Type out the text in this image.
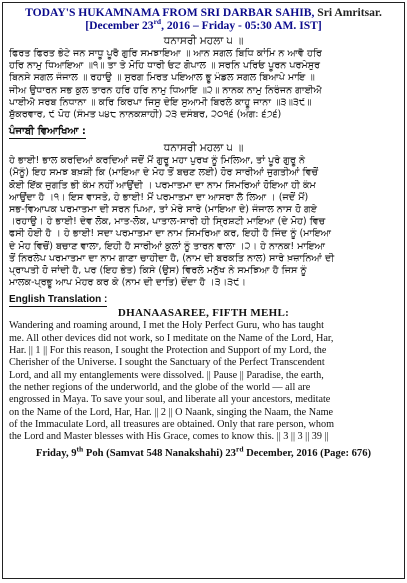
TODAY'S HUKAMNAMA FROM SRI DARBAR SAHIB, Sri Amritsar.
[December 23rd, 2016 – Friday - 05:30 AM. IST]
ਧਨਾਸਰੀ ਮਹਲਾ ੫ ॥
ਫਿਰਤ ਫਿਰਤ ਭੇਟੇ ਜਨ ਸਾਧੂ ਪੂਰੈ ਗੁਰਿ ਸਮਝਾਇਆ ॥ ਆਨ ਸਗਲ ਬਿਧਿ ਕਾਂਮਿ ਨ ਆਵੈ ਹਰਿ
ਹਰਿ ਨਾਮੁ ਧਿਆਇਆ ॥੧॥ ਤਾ ਤੇ ਮੋਹਿ ਧਾਰੀ ਓਟ ਗੋਪਾਲ ॥ ਸਰਨਿ ਪਰਿਓ ਪੂਰਨ ਪਰਮੇਸੁਰ
ਬਿਨਸੇ ਸਗਲ ਜੰਜਾਲ ॥ ਰਹਾਉ ॥ ਸੁਰਗ ਮਿਰਤ ਪਇਆਲ ਭੂ ਮੰਡਲ ਸਗਲ ਬਿਆਪੇ ਮਾਇ ॥
ਜੀਅ ਉਧਾਰਨ ਸਭ ਕੁਲ ਤਾਰਨ ਹਰਿ ਹਰਿ ਨਾਮੁ ਧਿਆਇ ॥੨॥ ਨਾਨਕ ਨਾਮੁ ਨਿਰੰਜਨ ਗਾਈਐ
ਪਾਈਐ ਸਰਬ ਨਿਧਾਨਾ ॥ ਕਰਿ ਕਿਰਪਾ ਜਿਸੁ ਦੇਇ ਸੁਆਮੀ ਬਿਰਲੇ ਕਾਹੂ ਜਾਨਾ ॥੩॥੩੯॥
ਸ਼ੁੱਕਰਵਾਰ, ੯ ਪੋਹ (ਸੰਮਤ ੫੪੮ ਨਾਨਕਸ਼ਾਹੀ) ੨੩ ਦਸੰਬਰ, ੨੦੧੬ (ਅੰਗ: ੬੭੬)
ਪੰਜਾਬੀ ਵਿਆਖਿਆ :
ਧਨਾਸਰੀ ਮਹਲਾ ੫ ॥
ਹੇ ਭਾਈ! ਭਾਲ ਕਰਦਿਆਂ ਕਰਦਿਆਂ ਜਦੋਂ ਮੈਂ ਗੁਰੂ ਮਹਾ ਪੁਰਖ ਨੂੰ ਮਿਲਿਆ, ਤਾਂ ਪੂਰੇ ਗੁਰੂ ਨੇ
(ਮੈਨੂੰ) ਇਹ ਸਮਝ ਬਖ਼ਸ਼ੀ ਕਿ (ਮਾਇਆ ਦੇ ਮੋਹ ਤੋਂ ਬਚਣ ਲਈ) ਹੋਰ ਸਾਰੀਆਂ ਜੁਗਤੀਆਂ ਵਿਚੋਂ
ਕੋਈ ਇੱਕ ਜੁਗਤਿ ਭੀ ਕੰਮ ਨਹੀਂ ਆਉਂਦੀ । ਪਰਮਾਤਮਾ ਦਾ ਨਾਮ ਸਿਮਰਿਆਂ ਹੋਇਆ ਹੀ ਕੰਮ
ਆਉਂਦਾ ਹੈ ।੧। ਇਸ ਵਾਸਤੇ, ਹੇ ਭਾਈ! ਮੈਂ ਪਰਮਾਤਮਾ ਦਾ ਆਸਰਾ ਲੈ ਲਿਆ । (ਜਦੋਂ ਮੈਂ)
ਸਭ-ਵਿਆਪਕ ਪਰਮਾਤਮਾ ਦੀ ਸਰਨ ਪਿਆ, ਤਾਂ ਮੇਰੇ ਸਾਰੇ (ਮਾਇਆ ਦੇ) ਜੰਜਾਲ ਨਾਸ ਹੋ ਗਏ
।ਰਹਾਉ। ਹੇ ਭਾਈ! ਦੇਵ ਲੋਕ, ਮਾਤ-ਲੋਕ, ਪਾਤਾਲ-ਸਾਰੀ ਹੀ ਸ੍ਰਿਸ਼ਟੀ ਮਾਇਆ (ਦੇ ਮੋਹ) ਵਿਚ
ਫਸੀ ਹੋਈ ਹੈ । ਹੇ ਭਾਈ! ਸਦਾ ਪਰਮਾਤਮਾ ਦਾ ਨਾਮ ਸਿਮਰਿਆ ਕਰ, ਇਹੀ ਹੈ ਜਿੰਦ ਨੂੰ (ਮਾਇਆ
ਦੇ ਮੋਹ ਵਿਚੋਂ) ਬਚਾਣ ਵਾਲਾ, ਇਹੀ ਹੈ ਸਾਰੀਆਂ ਕੁਲਾਂ ਨੂੰ ਤਾਰਨ ਵਾਲਾ ।੨। ਹੇ ਨਾਨਕ! ਮਾਇਆ
ਤੋਂ ਨਿਰਲੇਪ ਪਰਮਾਤਮਾ ਦਾ ਨਾਮ ਗਾਣਾ ਚਾਹੀਦਾ ਹੈ, (ਨਾਮ ਦੀ ਬਰਕਤਿ ਨਾਲ) ਸਾਰੇ ਖ਼ਜ਼ਾਨਿਆਂ ਦੀ
ਪ੍ਰਾਪਤੀ ਹੋ ਜਾਂਦੀ ਹੈ, ਪਰ (ਇਹ ਭੇਤ) ਕਿਸੇ (ਉਸ) ਵਿਰਲੇ ਮਨੁੱਖ ਨੇ ਸਮਝਿਆ ਹੈ ਜਿਸ ਨੂੰ
ਮਾਲਕ-ਪ੍ਰਭੂ ਆਪ ਮੇਹਰ ਕਰ ਕੇ (ਨਾਮ ਦੀ ਦਾਤਿ) ਦੇਂਦਾ ਹੈ ।੩।੩੯।
English Translation :
DHANAASAREE, FIFTH MEHL:
Wandering and roaming around, I met the Holy Perfect Guru, who has taught
me. All other devices did not work, so I meditate on the Name of the Lord, Har,
Har. || 1 || For this reason, I sought the Protection and Support of my Lord, the
Cherisher of the Universe. I sought the Sanctuary of the Perfect Transcendent
Lord, and all my entanglements were dissolved. || Pause || Paradise, the earth,
the nether regions of the underworld, and the globe of the world — all are
engrossed in Maya. To save your soul, and liberate all your ancestors, meditate
on the Name of the Lord, Har, Har. || 2 || O Naank, singing the Naam, the Name
of the Immaculate Lord, all treasures are obtained. Only that rare person, whom
the Lord and Master blesses with His Grace, comes to know this. || 3 || 3 || 39 ||
Friday, 9th Poh (Samvat 548 Nanakshahi) 23rd December, 2016 (Page: 676)
